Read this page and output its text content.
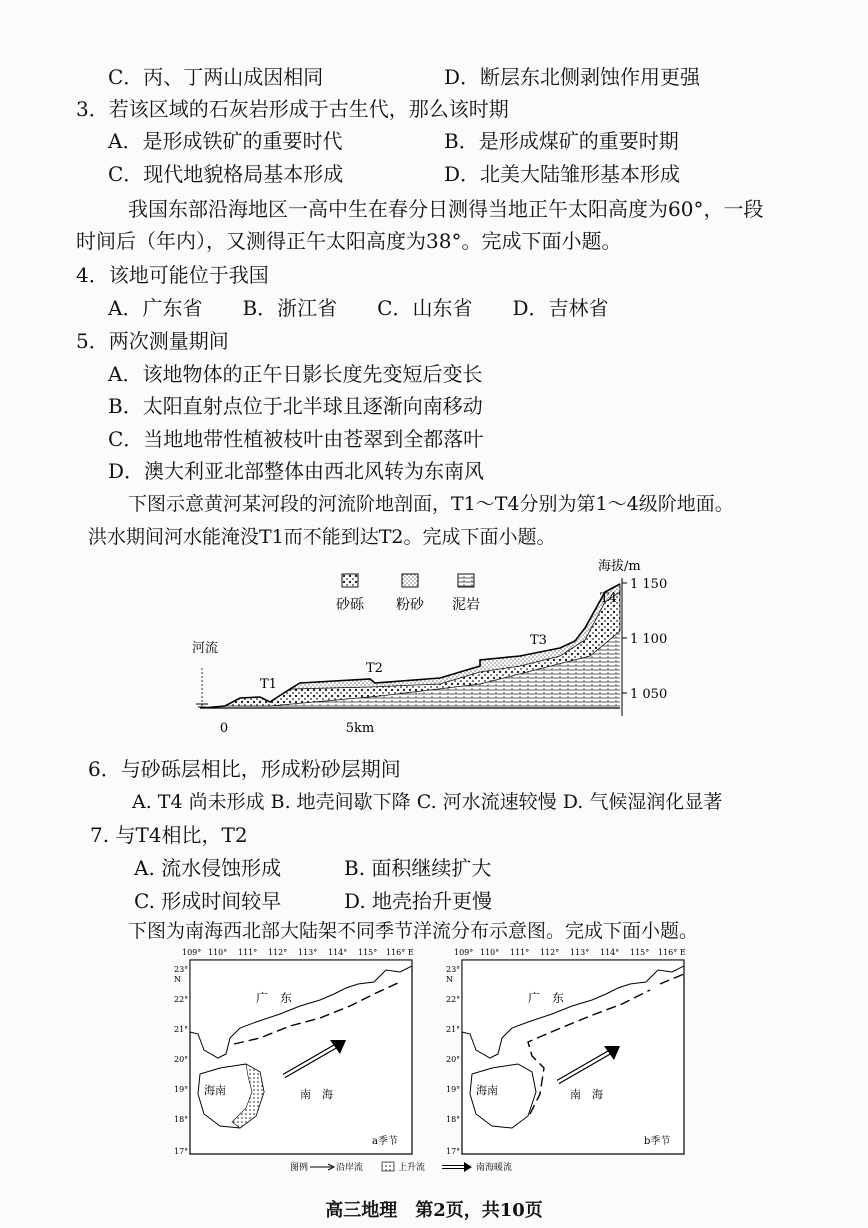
C．丙、丁两山成因相同	D．断层东北侧剥蚀作用更强
3．若该区域的石灰岩形成于古生代，那么该时期
A．是形成铁矿的重要时代	B．是形成煤矿的重要时期
C．现代地貌格局基本形成	D．北美大陆雏形基本形成
我国东部沿海地区一高中生在春分日测得当地正午太阳高度为60°，一段
时间后（年内），又测得正午太阳高度为38°。完成下面小题。
4．该地可能位于我国
A．广东省　　B．浙江省　　C．山东省　　D．吉林省
5．两次测量期间
A．该地物体的正午日影长度先变短后变长
B．太阳直射点位于北半球且逐渐向南移动
C．当地地带性植被枝叶由苍翠到全都落叶
D．澳大利亚北部整体由西北风转为东南风
下图示意黄河某河段的河流阶地剖面，T1～T4分别为第1～4级阶地面。
洪水期间河水能淹没T1而不能到达T2。完成下面小题。
砂砾 粉砂 泥岩
河流
T1
T2
T3
T4
0	5km
海拔/m
1 150
1 100
1 050
6．与砂砾层相比，形成粉砂层期间
A. T4 尚未形成 B. 地壳间歇下降 C. 河水流速较慢 D. 气候湿润化显著
7. 与T4相比，T2
A. 流水侵蚀形成	B. 面积继续扩大
C. 形成时间较早	D. 地壳抬升更慢
下图为南海西北部大陆架不同季节洋流分布示意图。完成下面小题。
109° 110° 111° 112° 113° 114° 115° 116° E
23°
N
22°
21°
20°
19°
18°
17°
109° 110° 111° 112° 113° 114° 115° 116° E
23°
N
22°
21°
20°
19°
18°
17°
广　东
海南	南　海
a季节
广　东
海南	南　海
b季节
图例	沿岸流	上升流	南海暖流
高三地理　第2页，共10页
